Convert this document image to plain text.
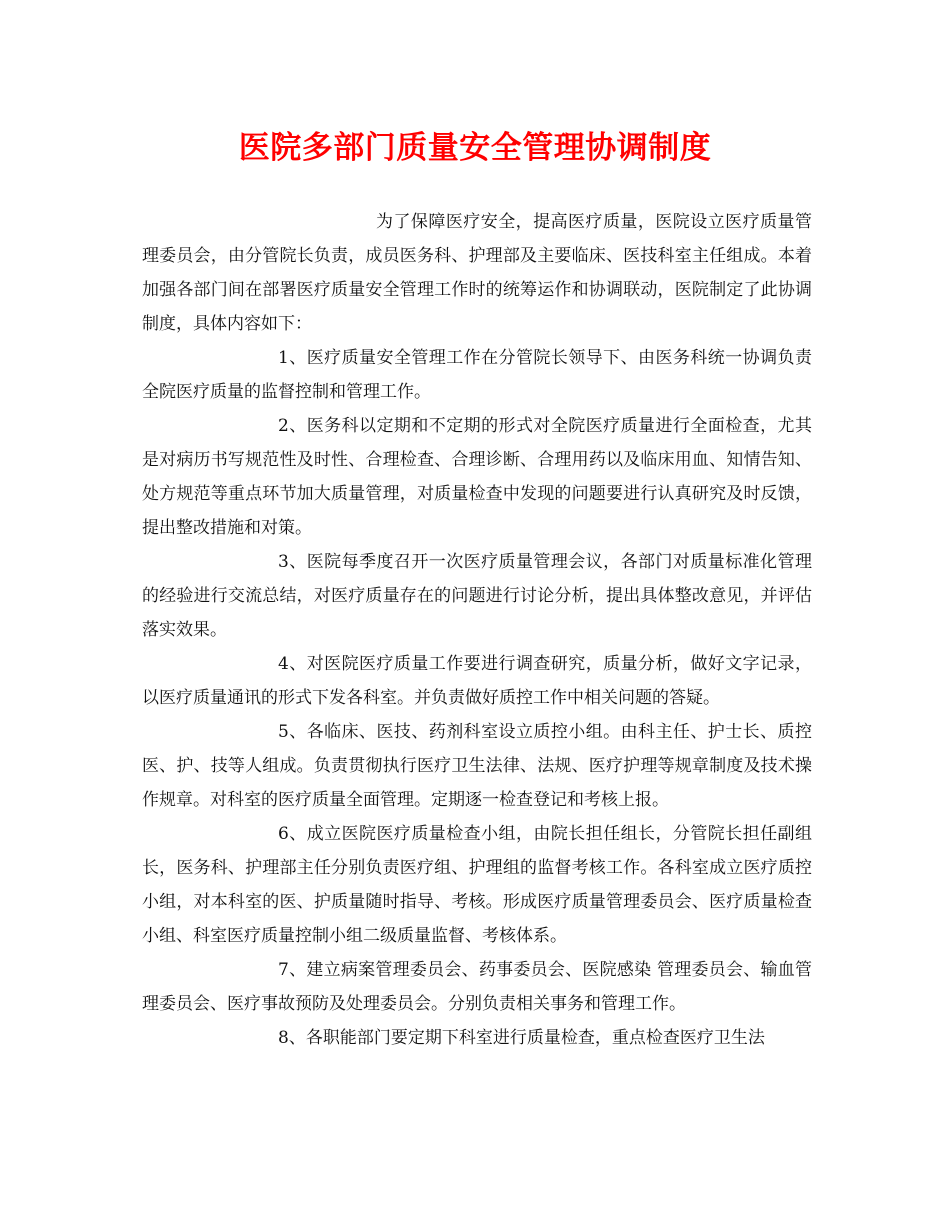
医院多部门质量安全管理协调制度

为了保障医疗安全，提高医疗质量，医院设立医疗质量管理委员会，由分管院长负责，成员医务科、护理部及主要临床、医技科室主任组成。本着加强各部门间在部署医疗质量安全管理工作时的统筹运作和协调联动，医院制定了此协调制度，具体内容如下：

1、医疗质量安全管理工作在分管院长领导下、由医务科统一协调负责全院医疗质量的监督控制和管理工作。

2、医务科以定期和不定期的形式对全院医疗质量进行全面检查，尤其是对病历书写规范性及时性、合理检查、合理诊断、合理用药以及临床用血、知情告知、处方规范等重点环节加大质量管理，对质量检查中发现的问题要进行认真研究及时反馈，提出整改措施和对策。

3、医院每季度召开一次医疗质量管理会议，各部门对质量标准化管理的经验进行交流总结，对医疗质量存在的问题进行讨论分析，提出具体整改意见，并评估落实效果。

4、对医院医疗质量工作要进行调查研究，质量分析，做好文字记录，以医疗质量通讯的形式下发各科室。并负责做好质控工作中相关问题的答疑。

5、各临床、医技、药剂科室设立质控小组。由科主任、护士长、质控医、护、技等人组成。负责贯彻执行医疗卫生法律、法规、医疗护理等规章制度及技术操作规章。对科室的医疗质量全面管理。定期逐一检查登记和考核上报。

6、成立医院医疗质量检查小组，由院长担任组长，分管院长担任副组长，医务科、护理部主任分别负责医疗组、护理组的监督考核工作。各科室成立医疗质控小组，对本科室的医、护质量随时指导、考核。形成医疗质量管理委员会、医疗质量检查小组、科室医疗质量控制小组二级质量监督、考核体系。

7、建立病案管理委员会、药事委员会、医院感染 管理委员会、输血管理委员会、医疗事故预防及处理委员会。分别负责相关事务和管理工作。

8、各职能部门要定期下科室进行质量检查，重点检查医疗卫生法
